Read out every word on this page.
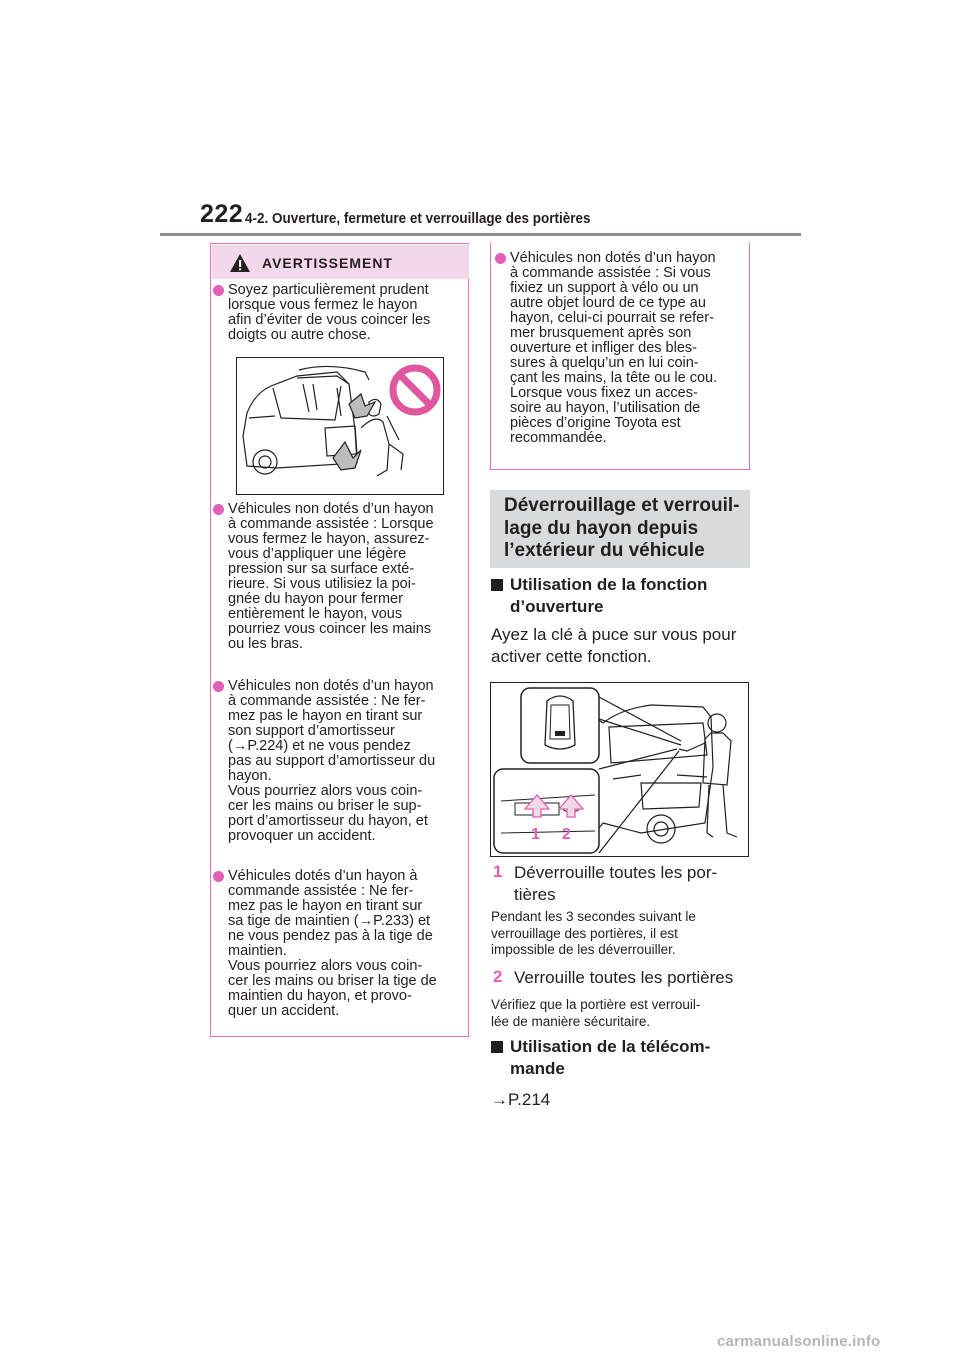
222 4-2. Ouverture, fermeture et verrouillage des portières
AVERTISSEMENT
Soyez particulièrement prudent
lorsque vous fermez le hayon
afin d’éviter de vous coincer les
doigts ou autre chose.
Véhicules non dotés d’un hayon
à commande assistée : Lorsque
vous fermez le hayon, assurez-
vous d’appliquer une légère
pression sur sa surface exté-
rieure. Si vous utilisiez la poi-
gnée du hayon pour fermer
entièrement le hayon, vous
pourriez vous coincer les mains
ou les bras.
Véhicules non dotés d’un hayon
à commande assistée : Ne fer-
mez pas le hayon en tirant sur
son support d’amortisseur
(→P.224) et ne vous pendez
pas au support d’amortisseur du
hayon.
Vous pourriez alors vous coin-
cer les mains ou briser le sup-
port d’amortisseur du hayon, et
provoquer un accident.
Véhicules dotés d’un hayon à
commande assistée : Ne fer-
mez pas le hayon en tirant sur
sa tige de maintien (→P.233) et
ne vous pendez pas à la tige de
maintien.
Vous pourriez alors vous coin-
cer les mains ou briser la tige de
maintien du hayon, et provo-
quer un accident.
Véhicules non dotés d’un hayon
à commande assistée : Si vous
fixiez un support à vélo ou un
autre objet lourd de ce type au
hayon, celui-ci pourrait se refer-
mer brusquement après son
ouverture et infliger des bles-
sures à quelqu’un en lui coin-
çant les mains, la tête ou le cou.
Lorsque vous fixez un acces-
soire au hayon, l’utilisation de
pièces d’origine Toyota est
recommandée.
Déverrouillage et verrouil-
lage du hayon depuis
l’extérieur du véhicule
Utilisation de la fonction
d’ouverture
Ayez la clé à puce sur vous pour
activer cette fonction.
1 2
1 Déverrouille toutes les por-
tières
Pendant les 3 secondes suivant le
verrouillage des portières, il est
impossible de les déverrouiller.
2 Verrouille toutes les portières
Vérifiez que la portière est verrouil-
lée de manière sécuritaire.
Utilisation de la télécom-
mande
→P.214
carmanualsonline.info
